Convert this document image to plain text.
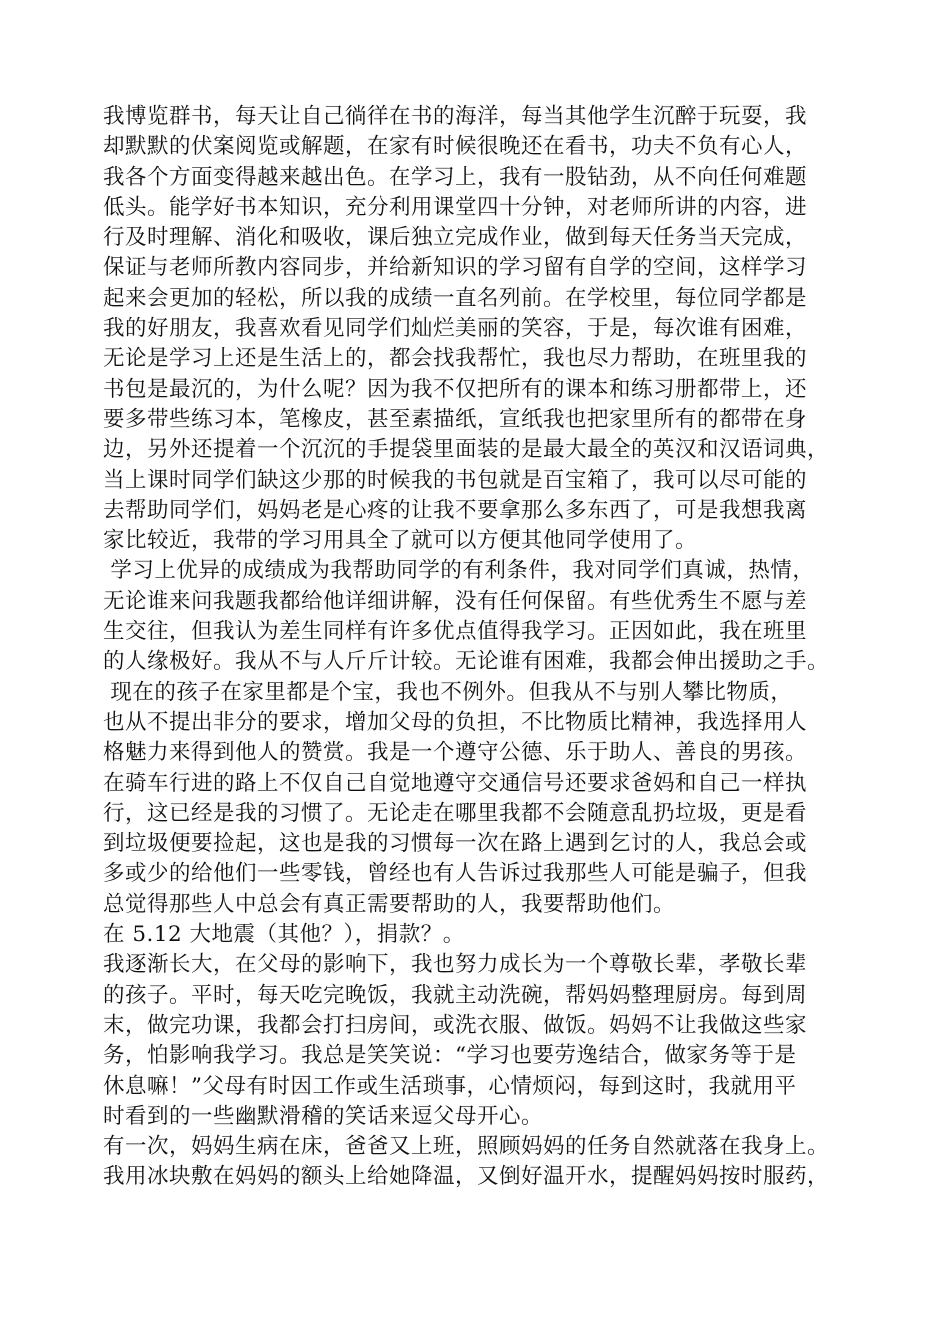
我博览群书，每天让自己徜徉在书的海洋，每当其他学生沉醉于玩耍，我
却默默的伏案阅览或解题，在家有时候很晚还在看书，功夫不负有心人，
我各个方面变得越来越出色。在学习上，我有一股钻劲，从不向任何难题
低头。能学好书本知识，充分利用课堂四十分钟，对老师所讲的内容，进
行及时理解、消化和吸收，课后独立完成作业，做到每天任务当天完成，
保证与老师所教内容同步，并给新知识的学习留有自学的空间，这样学习
起来会更加的轻松，所以我的成绩一直名列前。在学校里，每位同学都是
我的好朋友，我喜欢看见同学们灿烂美丽的笑容，于是，每次谁有困难，
无论是学习上还是生活上的，都会找我帮忙，我也尽力帮助，在班里我的
书包是最沉的，为什么呢？因为我不仅把所有的课本和练习册都带上，还
要多带些练习本，笔橡皮，甚至素描纸，宣纸我也把家里所有的都带在身
边，另外还提着一个沉沉的手提袋里面装的是最大最全的英汉和汉语词典，
当上课时同学们缺这少那的时候我的书包就是百宝箱了，我可以尽可能的
去帮助同学们，妈妈老是心疼的让我不要拿那么多东西了，可是我想我离
家比较近，我带的学习用具全了就可以方便其他同学使用了。
学习上优异的成绩成为我帮助同学的有利条件，我对同学们真诚，热情，
无论谁来问我题我都给他详细讲解，没有任何保留。有些优秀生不愿与差
生交往，但我认为差生同样有许多优点值得我学习。正因如此，我在班里
的人缘极好。我从不与人斤斤计较。无论谁有困难，我都会伸出援助之手。
现在的孩子在家里都是个宝，我也不例外。但我从不与别人攀比物质，
也从不提出非分的要求，增加父母的负担，不比物质比精神，我选择用人
格魅力来得到他人的赞赏。我是一个遵守公德、乐于助人、善良的男孩。
在骑车行进的路上不仅自己自觉地遵守交通信号还要求爸妈和自己一样执
行，这已经是我的习惯了。无论走在哪里我都不会随意乱扔垃圾，更是看
到垃圾便要捡起，这也是我的习惯每一次在路上遇到乞讨的人，我总会或
多或少的给他们一些零钱，曾经也有人告诉过我那些人可能是骗子，但我
总觉得那些人中总会有真正需要帮助的人，我要帮助他们。
在 5.12 大地震（其他？），捐款？。
我逐渐长大，在父母的影响下，我也努力成长为一个尊敬长辈，孝敬长辈
的孩子。平时，每天吃完晚饭，我就主动洗碗，帮妈妈整理厨房。每到周
末，做完功课，我都会打扫房间，或洗衣服、做饭。妈妈不让我做这些家
务，怕影响我学习。我总是笑笑说：“学习也要劳逸结合，做家务等于是
休息嘛！”父母有时因工作或生活琐事，心情烦闷，每到这时，我就用平
时看到的一些幽默滑稽的笑话来逗父母开心。
有一次，妈妈生病在床，爸爸又上班，照顾妈妈的任务自然就落在我身上。
我用冰块敷在妈妈的额头上给她降温，又倒好温开水，提醒妈妈按时服药，
